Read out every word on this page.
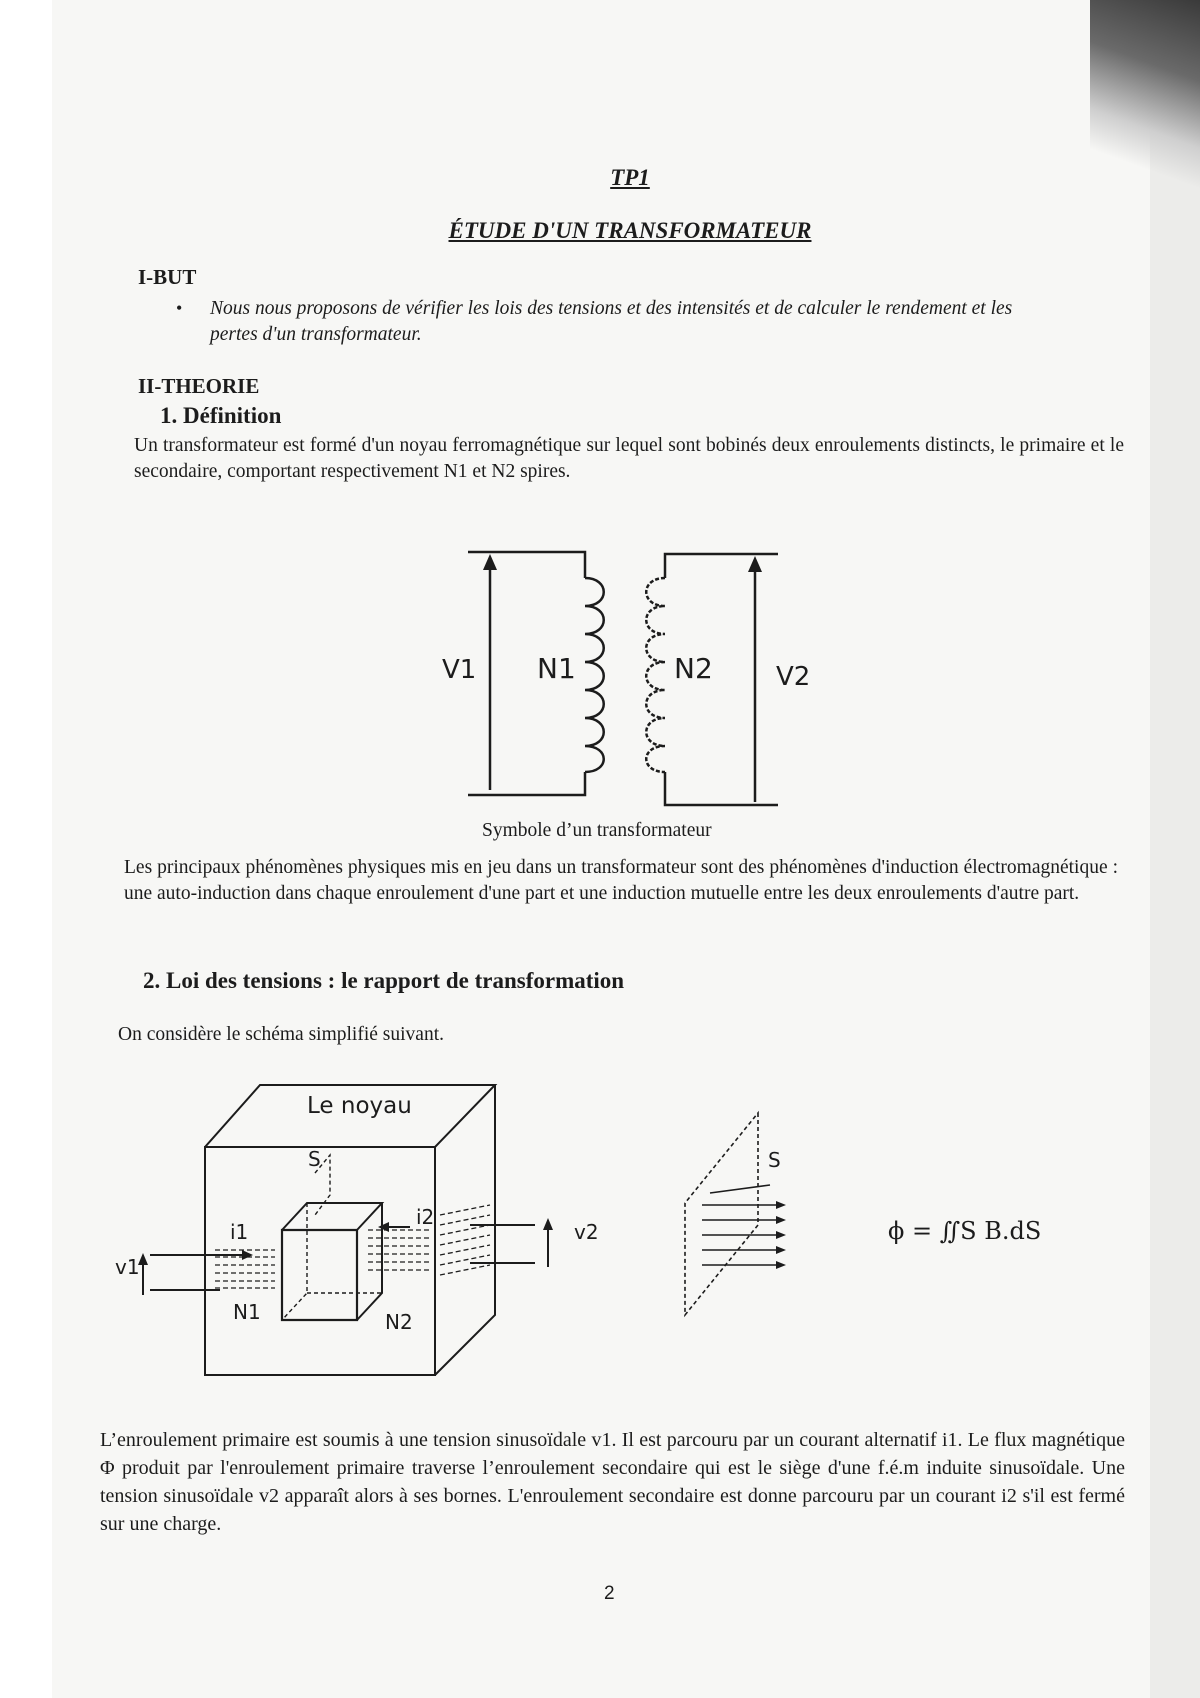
TP1
ÉTUDE D'UN TRANSFORMATEUR
I-BUT
• Nous nous proposons de vérifier les lois des tensions et des intensités et de calculer le rendement et les pertes d'un transformateur.
II-THEORIE
1. Définition
Un transformateur est formé d'un noyau ferromagnétique sur lequel sont bobinés deux enroulements distincts, le primaire et le secondaire, comportant respectivement N1 et N2 spires.
V1 N1	N2 V2
Symbole d’un transformateur
Les principaux phénomènes physiques mis en jeu dans un transformateur sont des phénomènes d'induction électromagnétique : une auto-induction dans chaque enroulement d'une part et une induction mutuelle entre les deux enroulements d'autre part.
2. Loi des tensions : le rapport de transformation
On considère le schéma simplifié suivant.
Le noyau
S
i1
i2
v1
v2
N1	N2
S
ϕ = ∬S B.dS
L’enroulement primaire est soumis à une tension sinusoïdale v1. Il est parcouru par un courant alternatif i1. Le flux magnétique Φ produit par l'enroulement primaire traverse l’enroulement secondaire qui est le siège d'une f.é.m induite sinusoïdale. Une tension sinusoïdale v2 apparaît alors à ses bornes. L'enroulement secondaire est donne parcouru par un courant i2 s'il est fermé sur une charge.
2
